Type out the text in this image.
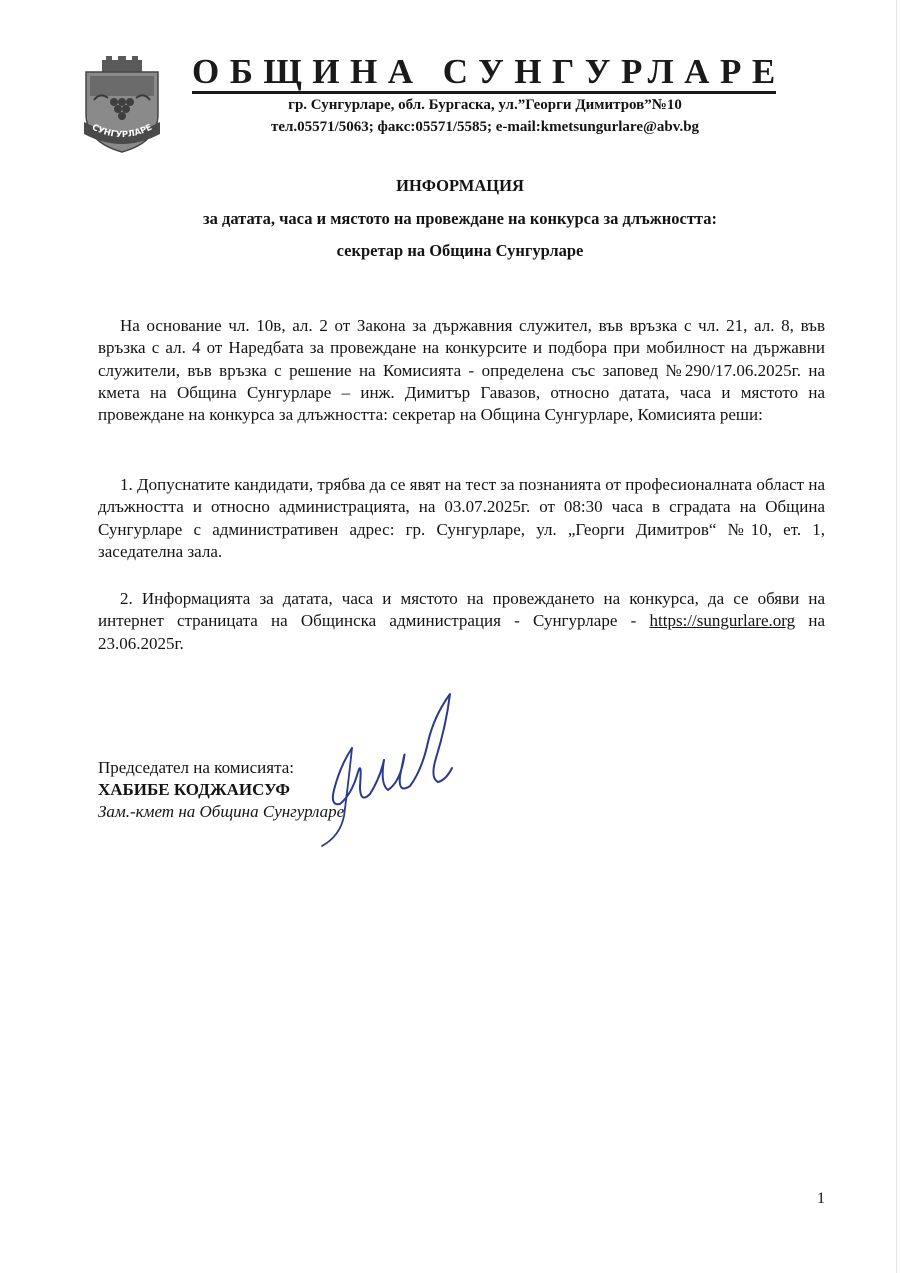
СУНГУРЛАРЕ
ОБЩИНА СУНГУРЛАРЕ
гр. Сунгурларе, обл. Бургаска, ул.”Георги Димитров”№10
тел.05571/5063; факс:05571/5585; e-mail:kmetsungurlare@abv.bg
ИНФОРМАЦИЯ
за датата, часа и мястото на провеждане на конкурса за длъжността:
секретар на Община Сунгурларе

На основание чл. 10в, ал. 2 от Закона за държавния служител, във връзка с чл. 21, ал. 8, във връзка с ал. 4 от Наредбата за провеждане на конкурсите и подбора при мобилност на държавни служители, във връзка с решение на Комисията - определена със заповед №290/17.06.2025г. на кмета на Община Сунгурларе – инж. Димитър Гавазов, относно датата, часа и мястото на провеждане на конкурса за длъжността: секретар на Община Сунгурларе, Комисията реши:

1. Допуснатите кандидати, трябва да се явят на тест за познанията от професионалната област на длъжността и относно администрацията, на 03.07.2025г. от 08:30 часа в сградата на Община Сунгурларе с административен адрес: гр. Сунгурларе, ул. „Георги Димитров“ №10, ет. 1, заседателна зала.

2. Информацията за датата, часа и мястото на провеждането на конкурса, да се обяви на интернет страницата на Общинска администрация - Сунгурларе - https://sungurlare.org на 23.06.2025г.

Председател на комисията:
ХАБИБЕ КОДЖАИСУФ
Зам.-кмет на Община Сунгурларе
1
